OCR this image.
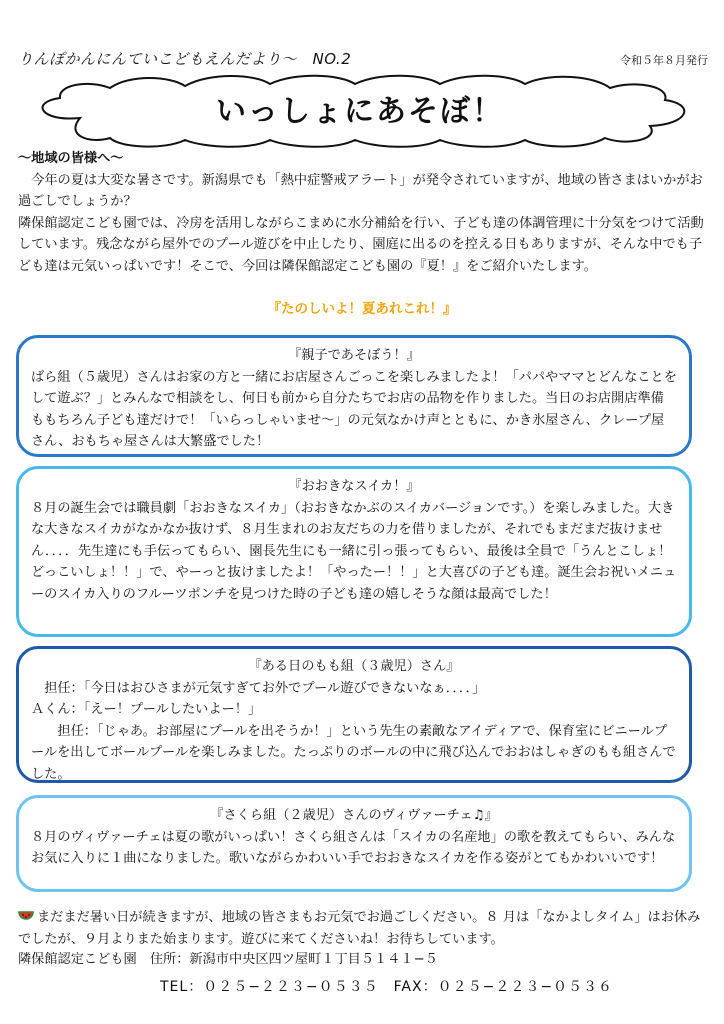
りんぽかんにんていこどもえんだより〜　NO.2	令和５年８月発行
いっしょにあそぼ！

〜地域の皆様へ〜

今年の夏は大変な暑さです。新潟県でも「熱中症警戒アラート」が発令されていますが、地域の皆さまはいかがお過ごしでしょうか？

隣保館認定こども園では、冷房を活用しながらこまめに水分補給を行い、子ども達の体調管理に十分気をつけて活動しています。残念ながら屋外でのプール遊びを中止したり、園庭に出るのを控える日もありますが、そんな中でも子ども達は元気いっぱいです！そこで、今回は隣保館認定こども園の『夏！』をご紹介いたします。

『たのしいよ！夏あれこれ！』

『親子であそぼう！』

ばら組（５歳児）さんはお家の方と一緒にお店屋さんごっこを楽しみましたよ！「パパやママとどんなことをして遊ぶ？」とみんなで相談をし、何日も前から自分たちでお店の品物を作りました。当日のお店開店準備ももちろん子ども達だけで！「いらっしゃいませ〜」の元気なかけ声とともに、かき氷屋さん、クレープ屋さん、おもちゃ屋さんは大繁盛でした！

『おおきなスイカ！』

８月の誕生会では職員劇「おおきなスイカ」（おおきなかぶのスイカバージョンです。）を楽しみました。大きな大きなスイカがなかなか抜けず、８月生まれのお友だちの力を借りましたが、それでもまだまだ抜けません．．．．先生達にも手伝ってもらい、園長先生にも一緒に引っ張ってもらい、最後は全員で「うんとこしょ！どっこいしょ！！」で、やーっと抜けましたよ！「やったー！！」と大喜びの子ども達。誕生会お祝いメニューのスイカ入りのフルーツポンチを見つけた時の子ども達の嬉しそうな顔は最高でした！

『ある日のもも組（３歳児）さん』

担任：「今日はおひさまが元気すぎてお外でプール遊びできないなぁ．．．．」

Ａくん：「えー！プールしたいよー！」

担任：「じゃあ。お部屋にプールを出そうか！」という先生の素敵なアイディアで、保育室にビニールプールを出してボールプールを楽しみました。たっぷりのボールの中に飛び込んでおおはしゃぎのもも組さんでした。

『さくら組（２歳児）さんのヴィヴァーチェ♫』

８月のヴィヴァーチェは夏の歌がいっぱい！さくら組さんは「スイカの名産地」の歌を教えてもらい、みんなお気に入りに１曲になりました。歌いながらかわいい手でおおきなスイカを作る姿がとてもかわいいです！

まだまだ暑い日が続きますが、地域の皆さまもお元気でお過ごしください。８ 月は「なかよしタイム」はお休みでしたが、９月よりまた始まります。遊びに来てくださいね！お待ちしています。

隣保館認定こども園　住所：新潟市中央区四ツ屋町１丁目５１４１−５

TEL：０２５−２２３−０５３５　FAX：０２５−２２３−０５３６
